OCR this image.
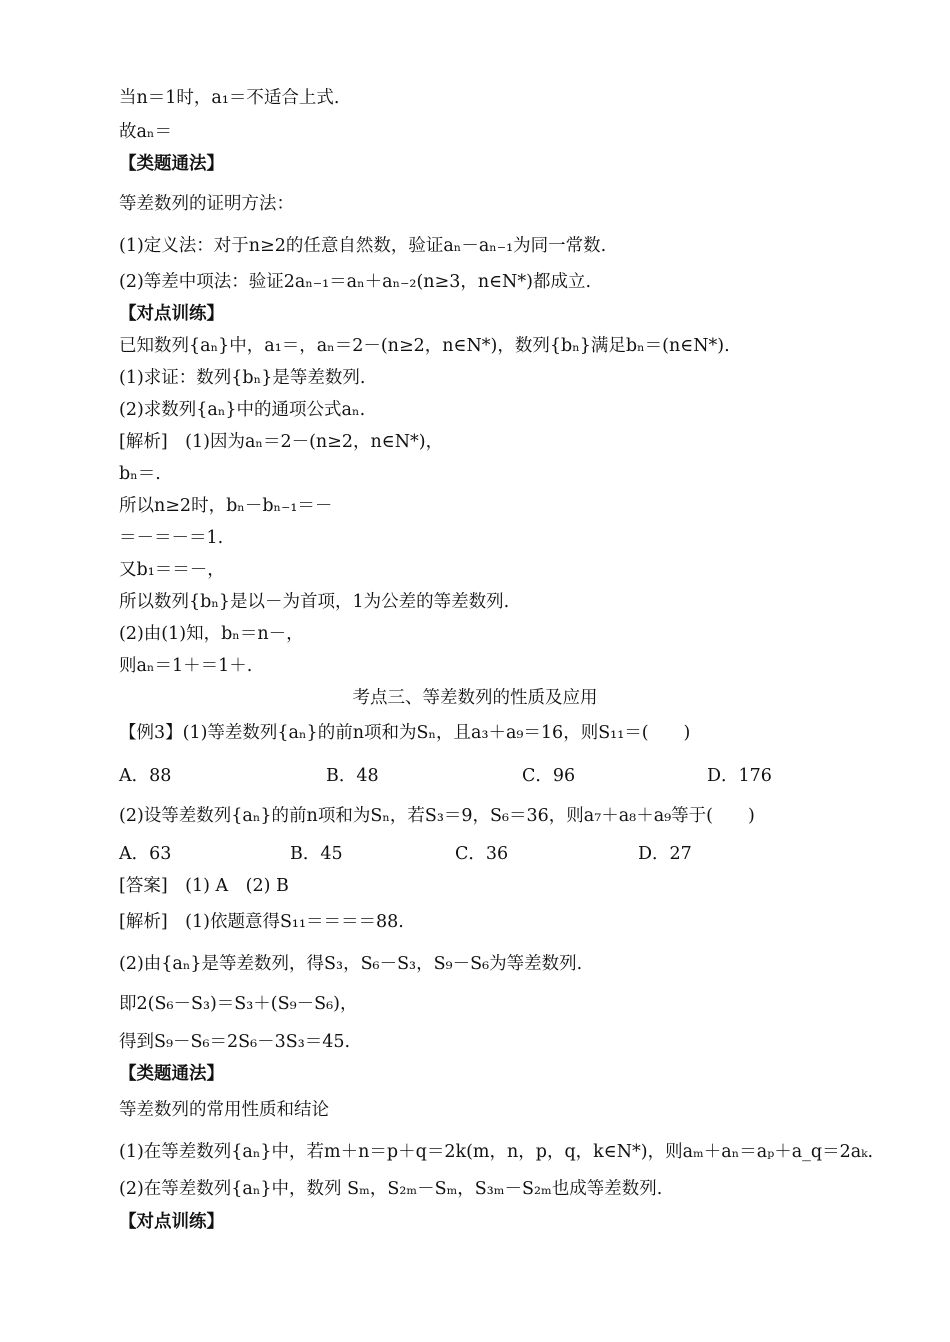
当n＝1时，a₁＝不适合上式.
故aₙ＝
【类题通法】
等差数列的证明方法：
(1)定义法：对于n≥2的任意自然数，验证aₙ－aₙ₋₁为同一常数.
(2)等差中项法：验证2aₙ₋₁＝aₙ＋aₙ₋₂(n≥3，n∈N*)都成立.
【对点训练】
已知数列{aₙ}中，a₁＝，aₙ＝2－(n≥2，n∈N*)，数列{bₙ}满足bₙ＝(n∈N*).
(1)求证：数列{bₙ}是等差数列.
(2)求数列{aₙ}中的通项公式aₙ.
[解析]　(1)因为aₙ＝2－(n≥2，n∈N*)，
bₙ＝.
所以n≥2时，bₙ－bₙ₋₁＝－
＝－＝－＝1.
又b₁＝＝－，
所以数列{bₙ}是以－为首项，1为公差的等差数列.
(2)由(1)知，bₙ＝n－，
则aₙ＝1＋＝1＋.
考点三、等差数列的性质及应用
【例3】(1)等差数列{aₙ}的前n项和为Sₙ，且a₃＋a₉＝16，则S₁₁＝(　　)
A．88	B．48	C．96	D．176
(2)设等差数列{aₙ}的前n项和为Sₙ，若S₃＝9，S₆＝36，则a₇＋a₈＋a₉等于(　　)
A．63	B．45	C．36	D．27
[答案]　(1) A　(2) B
[解析]　(1)依题意得S₁₁＝＝＝＝88.
(2)由{aₙ}是等差数列，得S₃，S₆－S₃，S₉－S₆为等差数列.
即2(S₆－S₃)＝S₃＋(S₉－S₆)，
得到S₉－S₆＝2S₆－3S₃＝45.
【类题通法】
等差数列的常用性质和结论
(1)在等差数列{aₙ}中，若m＋n＝p＋q＝2k(m，n，p，q，k∈N*)，则aₘ＋aₙ＝aₚ＋a_q＝2aₖ.
(2)在等差数列{aₙ}中，数列 Sₘ，S₂ₘ－Sₘ，S₃ₘ－S₂ₘ也成等差数列.
【对点训练】
